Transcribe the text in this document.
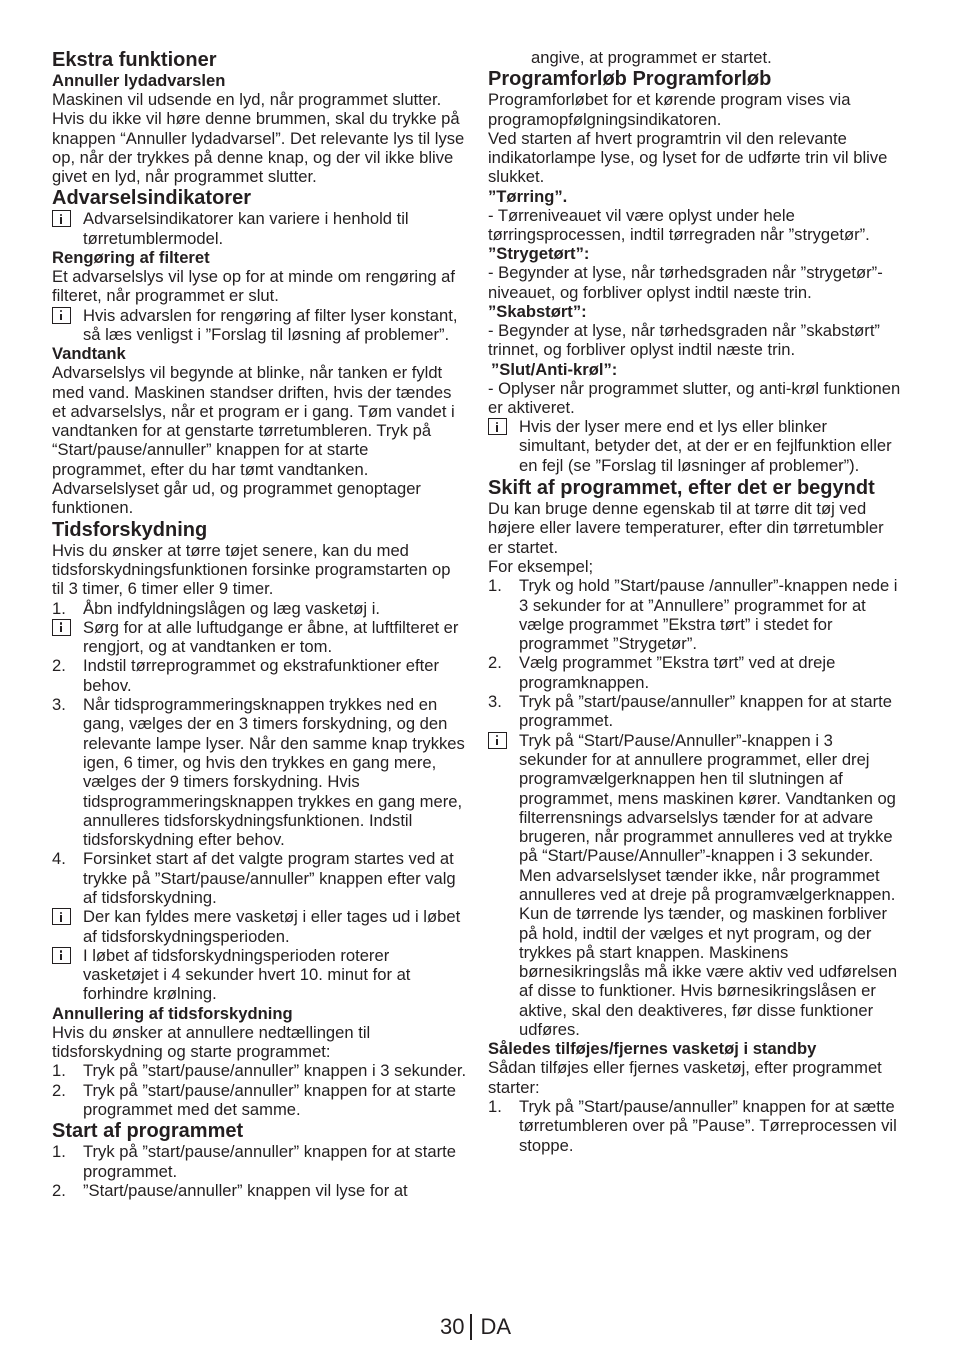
Ekstra funktioner
Annuller lydadvarslen

Maskinen vil udsende en lyd, når programmet slutter. Hvis du ikke vil høre denne brummen, skal du trykke på knappen “Annuller lydadvarsel”. Det relevante lys til lyse op, når der trykkes på denne knap, og der vil ikke blive givet en lyd, når programmet slutter.

Advarselsindikatorer
Advarselsindikatorer kan variere i henhold til tørretumblermodel.
Rengøring af filteret

Et advarselslys vil lyse op for at minde om rengøring af filteret, når programmet er slut.

Hvis advarslen for rengøring af filter lyser konstant, så læs venligst i ”Forslag til løsning af problemer”.
Vandtank

Advarselslys vil begynde at blinke, når tanken er fyldt med vand. Maskinen standser driften, hvis der tændes et advarselslys, når et program er i gang. Tøm vandet i vandtanken for at genstarte tørretumbleren. Tryk på “Start/pause/annuller” knappen for at starte programmet, efter du har tømt vandtanken. Advarselslyset går ud, og programmet genoptager funktionen.

Tidsforskydning

Hvis du ønsker at tørre tøjet senere, kan du med tidsforskydningsfunktionen forsinke programstarten op til 3 timer, 6 timer eller 9 timer.

1. Åbn indfyldningslågen og læg vasketøj i.
Sørg for at alle luftudgange er åbne, at luftfilteret er rengjort, og at vandtanken er tom.
2. Indstil tørreprogrammet og ekstrafunktioner efter behov.
3. Når tidsprogrammeringsknappen trykkes ned en gang, vælges der en 3 timers forskydning, og den relevante lampe lyser. Når den samme knap trykkes igen, 6 timer, og hvis den trykkes en gang mere, vælges der 9 timers forskydning. Hvis tidsprogrammeringsknappen trykkes en gang mere, annulleres tidsforskydningsfunktionen. Indstil tidsforskydning efter behov.
4. Forsinket start af det valgte program startes ved at trykke på ”Start/pause/annuller” knappen efter valg af tidsforskydning.
Der kan fyldes mere vasketøj i eller tages ud i løbet af tidsforskydningsperioden.
I løbet af tidsforskydningsperioden roterer vasketøjet i 4 sekunder hvert 10. minut for at forhindre krølning.
Annullering af tidsforskydning

Hvis du ønsker at annullere nedtællingen til tidsforskydning og starte programmet:

1. Tryk på ”start/pause/annuller” knappen i 3 sekunder.
2. Tryk på ”start/pause/annuller” knappen for at starte programmet med det samme.
Start af programmet
1. Tryk på ”start/pause/annuller” knappen for at starte programmet.
2. ”Start/pause/annuller” knappen vil lyse for at

angive, at programmet er startet.

Programforløb Programforløb

Programforløbet for et kørende program vises via programopfølgningsindikatoren.

Ved starten af hvert programtrin vil den relevante indikatorlampe lyse, og lyset for de udførte trin vil blive slukket.

”Tørring”.

- Tørreniveauet vil være oplyst under hele tørringsprocessen, indtil tørregraden når ”strygetør”.

”Strygetørt”:

- Begynder at lyse, når tørhedsgraden når ”strygetør”-niveauet, og forbliver oplyst indtil næste trin.

”Skabstørt”:

- Begynder at lyse, når tørhedsgraden når ”skabstørt” trinnet, og forbliver oplyst indtil næste trin.

”Slut/Anti-krøl”:

- Oplyser når programmet slutter, og anti-krøl funktionen er aktiveret.

Hvis der lyser mere end et lys eller blinker simultant, betyder det, at der er en fejlfunktion eller en fejl (se ”Forslag til løsninger af problemer”).
Skift af programmet, efter det er begyndt

Du kan bruge denne egenskab til at tørre dit tøj ved højere eller lavere temperaturer, efter din tørretumbler er startet.

For eksempel;

1. Tryk og hold ”Start/pause /annuller”-knappen nede i 3 sekunder for at ”Annullere” programmet for at vælge programmet ”Ekstra tørt” i stedet for programmet ”Strygetør”.
2. Vælg programmet ”Ekstra tørt” ved at dreje programknappen.
3. Tryk på ”start/pause/annuller” knappen for at starte programmet.
Tryk på “Start/Pause/Annuller”-knappen i 3 sekunder for at annullere programmet, eller drej programvælgerknappen hen til slutningen af programmet, mens maskinen kører. Vandtanken og filterrensnings advarselslys tænder for at advare brugeren, når programmet annulleres ved at trykke på “Start/Pause/Annuller”-knappen i 3 sekunder. Men advarselslyset tænder ikke, når programmet annulleres ved at dreje på programvælgerknappen. Kun de tørrende lys tænder, og maskinen forbliver på hold, indtil der vælges et nyt program, og der trykkes på start knappen. Maskinens børnesikringslås må ikke være aktiv ved udførelsen af disse to funktioner. Hvis børnesikringslåsen er aktive, skal den deaktiveres, før disse funktioner udføres.
Således tilføjes/fjernes vasketøj i standby

Sådan tilføjes eller fjernes vasketøj, efter programmet starter:

1. Tryk på ”Start/pause/annuller” knappen for at sætte tørretumbleren over på ”Pause”. Tørreprocessen vil stoppe.
30 DA
